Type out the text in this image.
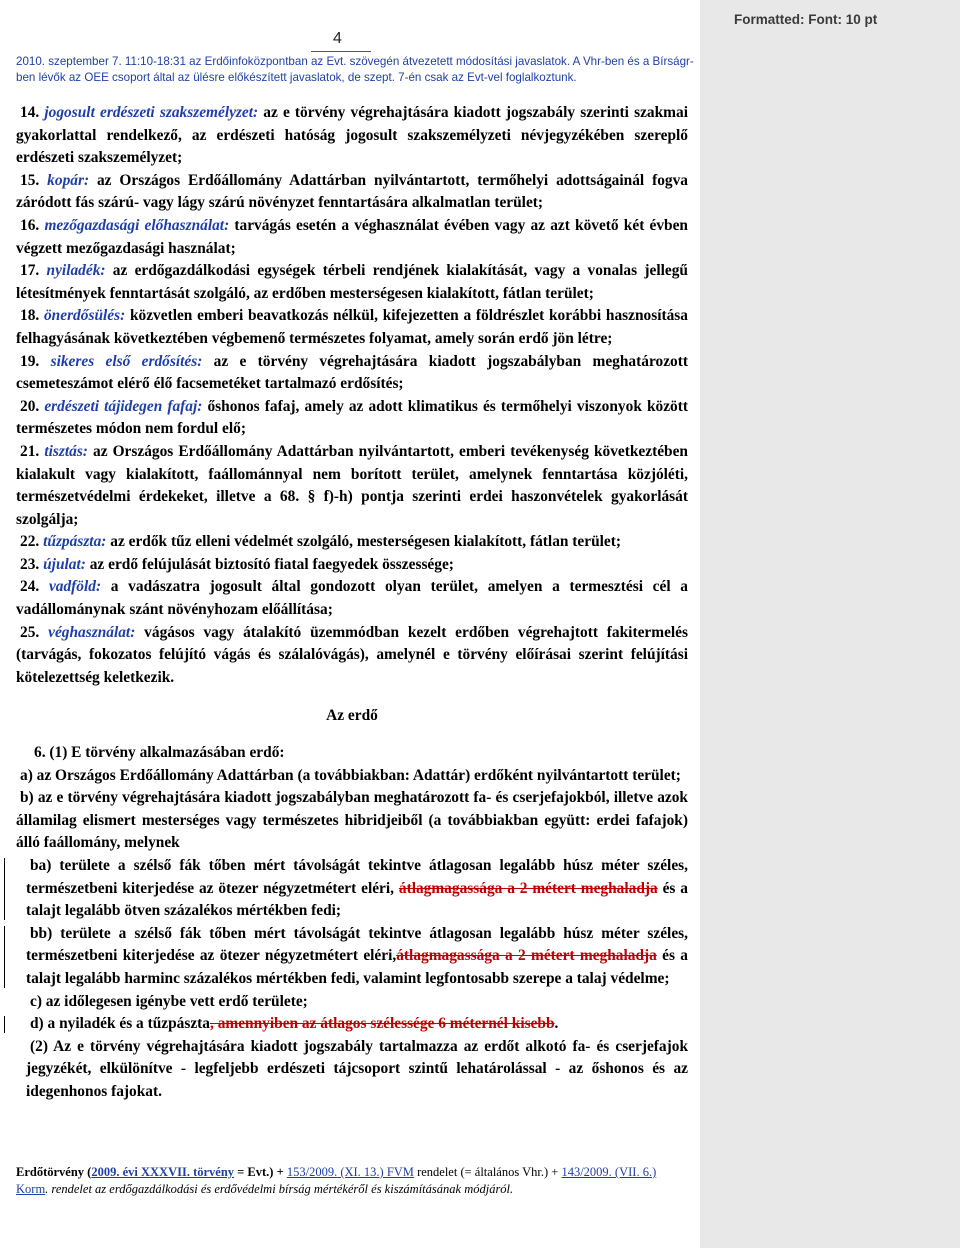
Formatted: Font: 10 pt
4
2010. szeptember 7. 11:10-18:31 az Erdőinfoközpontban az Evt. szövegén átvezetett módosítási javaslatok. A Vhr-ben és a Bírságr-ben lévők az OEE csoport által az ülésre előkészített javaslatok, de szept. 7-én csak az Evt-vel foglalkoztunk.

14. jogosult erdészeti szakszemélyzet: az e törvény végrehajtására kiadott jogszabály szerinti szakmai gyakorlattal rendelkező, az erdészeti hatóság jogosult szakszemélyzeti névjegyzékében szereplő erdészeti szakszemélyzet;

15. kopár: az Országos Erdőállomány Adattárban nyilvántartott, termőhelyi adottságainál fogva záródott fás szárú- vagy lágy szárú növényzet fenntartására alkalmatlan terület;

16. mezőgazdasági előhasználat: tarvágás esetén a véghasználat évében vagy az azt követő két évben végzett mezőgazdasági használat;

17. nyiladék: az erdőgazdálkodási egységek térbeli rendjének kialakítását, vagy a vonalas jellegű létesítmények fenntartását szolgáló, az erdőben mesterségesen kialakított, fátlan terület;

18. önerdősülés: közvetlen emberi beavatkozás nélkül, kifejezetten a földrészlet korábbi hasznosítása felhagyásának következtében végbemenő természetes folyamat, amely során erdő jön létre;

19. sikeres első erdősítés: az e törvény végrehajtására kiadott jogszabályban meghatározott csemeteszámot elérő élő facsemetéket tartalmazó erdősítés;

20. erdészeti tájidegen fafaj: őshonos fafaj, amely az adott klimatikus és termőhelyi viszonyok között természetes módon nem fordul elő;

21. tisztás: az Országos Erdőállomány Adattárban nyilvántartott, emberi tevékenység következtében kialakult vagy kialakított, faállománnyal nem borított terület, amelynek fenntartása közjóléti, természetvédelmi érdekeket, illetve a 68. § f)-h) pontja szerinti erdei haszonvételek gyakorlását szolgálja;

22. tűzpászta: az erdők tűz elleni védelmét szolgáló, mesterségesen kialakított, fátlan terület;

23. újulat: az erdő felújulását biztosító fiatal faegyedek összessége;

24. vadföld: a vadászatra jogosult által gondozott olyan terület, amelyen a termesztési cél a vadállománynak szánt növényhozam előállítása;

25. véghasználat: vágásos vagy átalakító üzemmódban kezelt erdőben végrehajtott fakitermelés (tarvágás, fokozatos felújító vágás és szálalóvágás), amelynél e törvény előírásai szerint felújítási kötelezettség keletkezik.

Az erdő

6. (1) E törvény alkalmazásában erdő:

a) az Országos Erdőállomány Adattárban (a továbbiakban: Adattár) erdőként nyilvántartott terület;

b) az e törvény végrehajtására kiadott jogszabályban meghatározott fa- és cserjefajokból, illetve azok államilag elismert mesterséges vagy természetes hibridjeiből (a továbbiakban együtt: erdei fafajok) álló faállomány, melynek

ba) területe a szélső fák tőben mért távolságát tekintve átlagosan legalább húsz méter széles, természetbeni kiterjedése az ötezer négyzetmétert eléri, átlagmagassága a 2 métert meghaladja és a talajt legalább ötven százalékos mértékben fedi;

bb) területe a szélső fák tőben mért távolságát tekintve átlagosan legalább húsz méter széles, természetbeni kiterjedése az ötezer négyzetmétert eléri,átlagmagassága a 2 métert meghaladja és a talajt legalább harminc százalékos mértékben fedi, valamint legfontosabb szerepe a talaj védelme;

c) az időlegesen igénybe vett erdő területe;

d) a nyiladék és a tűzpászta, amennyiben az átlagos szélessége 6 méternél kisebb.

(2) Az e törvény végrehajtására kiadott jogszabály tartalmazza az erdőt alkotó fa- és cserjefajok jegyzékét, elkülönítve - legfeljebb erdészeti tájcsoport szintű lehatárolással - az őshonos és az idegenhonos fajokat.

Erdőtörvény (2009. évi XXXVII. törvény = Evt.) + 153/2009. (XI. 13.) FVM rendelet (= általános Vhr.) + 143/2009. (VII. 6.) Korm. rendelet az erdőgazdálkodási és erdővédelmi bírság mértékéről és kiszámításának módjáról.
